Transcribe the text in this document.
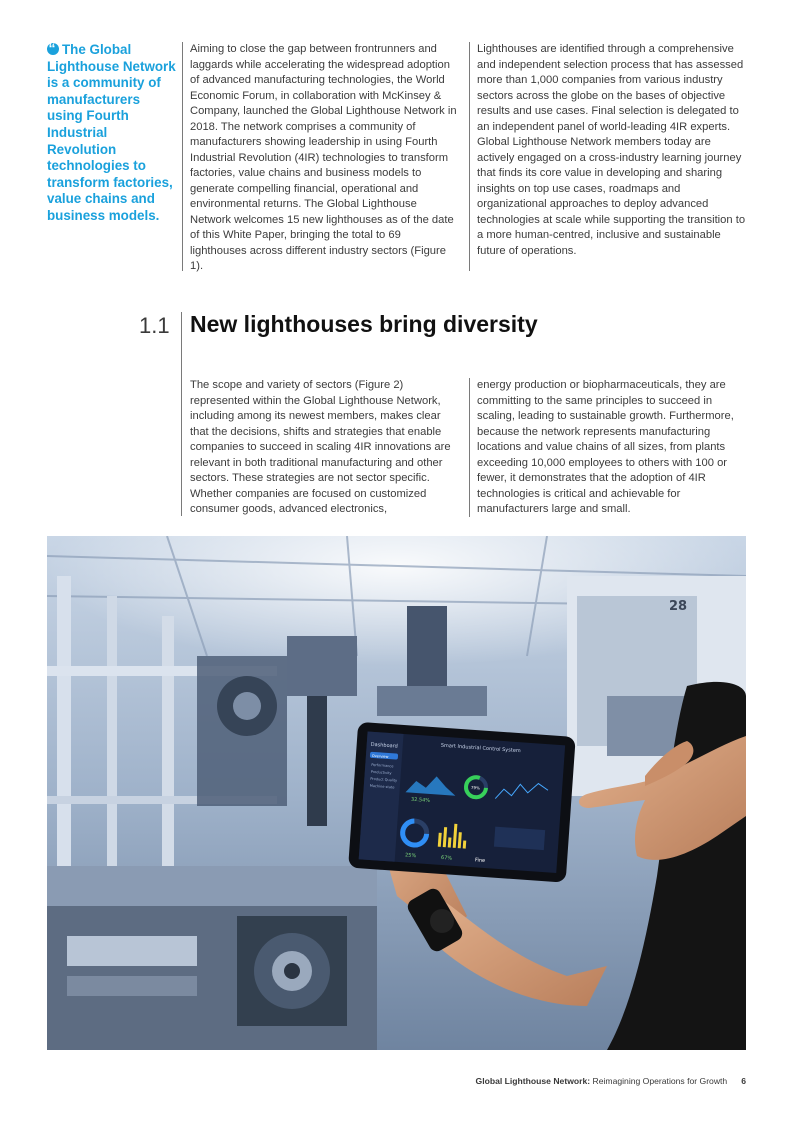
“The Global Lighthouse Network is a community of manufacturers using Fourth Industrial Revolution technologies to transform factories, value chains and business models.
Aiming to close the gap between frontrunners and laggards while accelerating the widespread adoption of advanced manufacturing technologies, the World Economic Forum, in collaboration with McKinsey & Company, launched the Global Lighthouse Network in 2018. The network comprises a community of manufacturers showing leadership in using Fourth Industrial Revolution (4IR) technologies to transform factories, value chains and business models to generate compelling financial, operational and environmental returns. The Global Lighthouse Network welcomes 15 new lighthouses as of the date of this White Paper, bringing the total to 69 lighthouses across different industry sectors (Figure 1).
Lighthouses are identified through a comprehensive and independent selection process that has assessed more than 1,000 companies from various industry sectors across the globe on the bases of objective results and use cases. Final selection is delegated to an independent panel of world-leading 4IR experts. Global Lighthouse Network members today are actively engaged on a cross-industry learning journey that finds its core value in developing and sharing insights on top use cases, roadmaps and organizational approaches to deploy advanced technologies at scale while supporting the transition to a more human-centred, inclusive and sustainable future of operations.
1.1 New lighthouses bring diversity
The scope and variety of sectors (Figure 2) represented within the Global Lighthouse Network, including among its newest members, makes clear that the decisions, shifts and strategies that enable companies to succeed in scaling 4IR innovations are relevant in both traditional manufacturing and other sectors. These strategies are not sector specific. Whether companies are focused on customized consumer goods, advanced electronics,
energy production or biopharmaceuticals, they are committing to the same principles to succeed in scaling, leading to sustainable growth. Furthermore, because the network represents manufacturing locations and value chains of all sizes, from plants exceeding 10,000 employees to others with 100 or fewer, it demonstrates that the adoption of 4IR technologies is critical and achievable for manufacturers large and small.
28
Dashboard
Overview
Performance
Productivity
Product Quality
Machine state
Smart Industrial Control System
32.54%
79%
25%	67%	Fine
Global Lighthouse Network: Reimagining Operations for Growth 6
